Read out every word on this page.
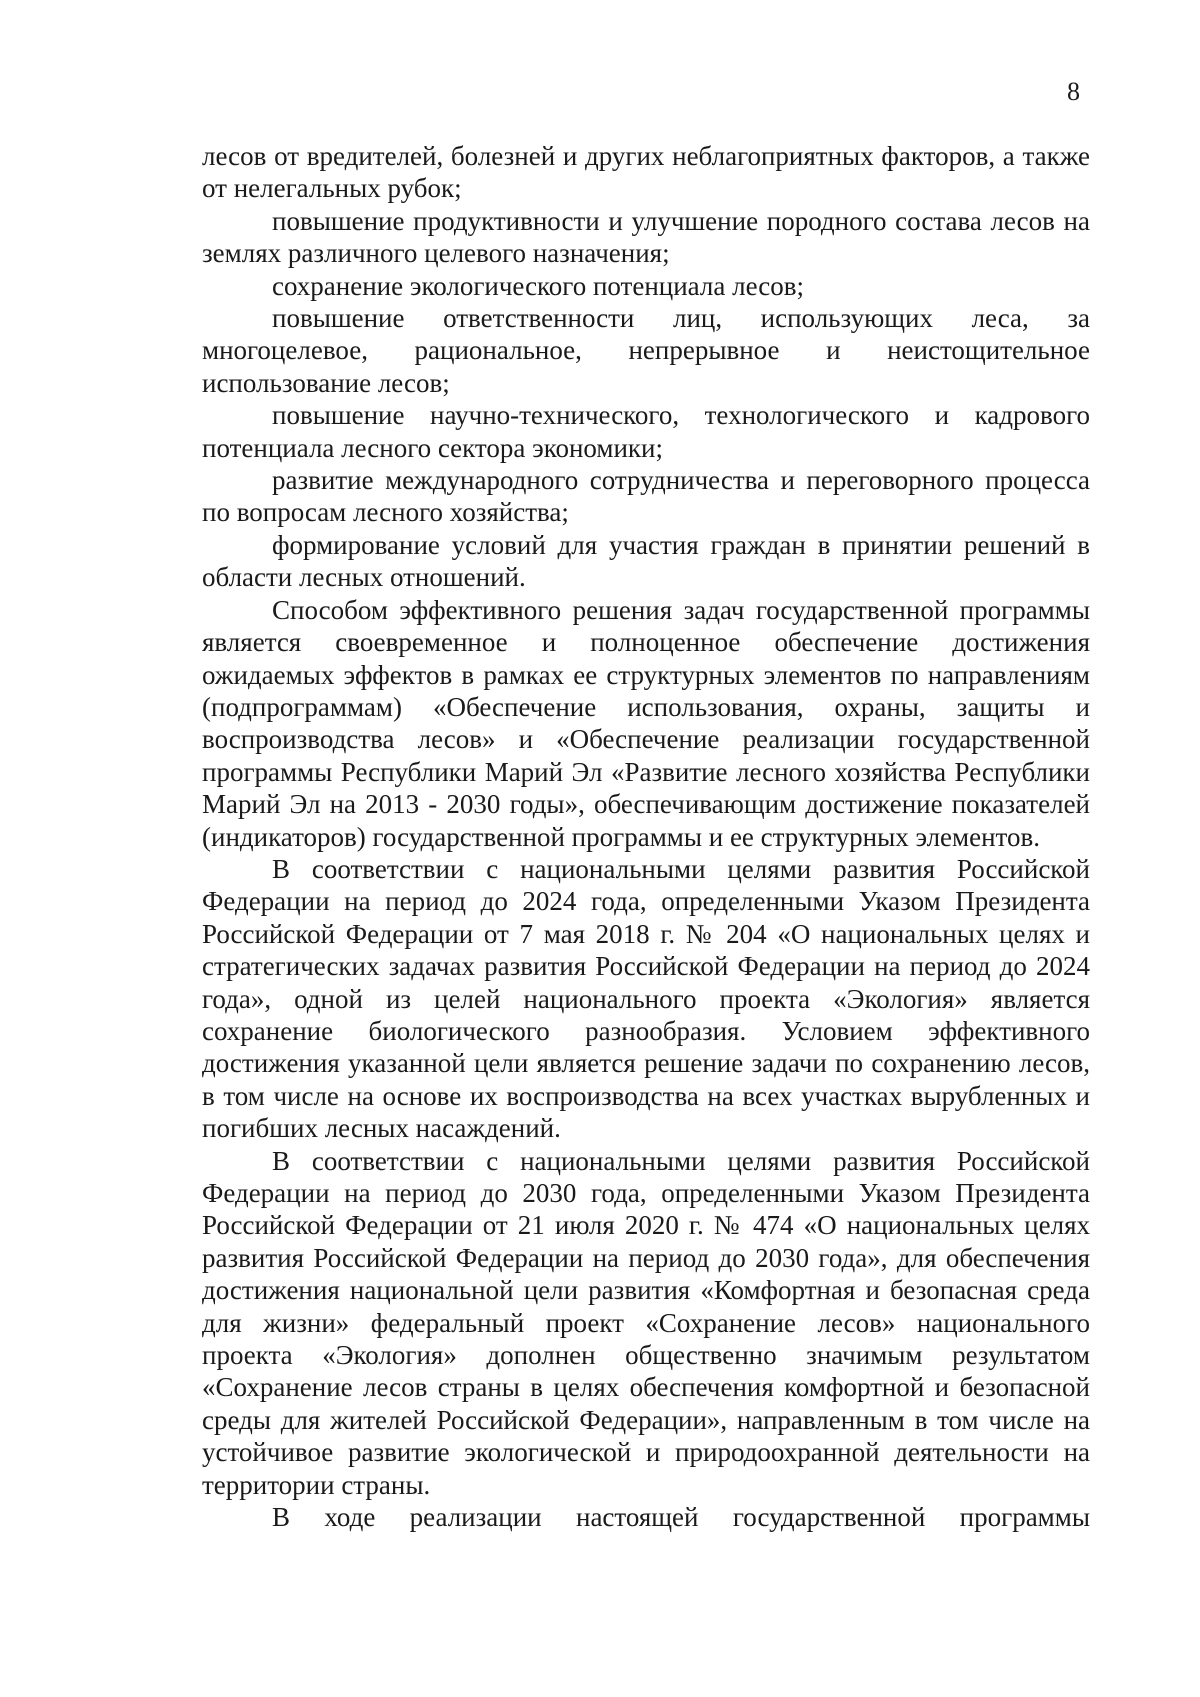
8

лесов от вредителей, болезней и других неблагоприятных факторов, а также от нелегальных рубок;

повышение продуктивности и улучшение породного состава лесов на землях различного целевого назначения;

сохранение экологического потенциала лесов;

повышение ответственности лиц, использующих леса, за многоцелевое, рациональное, непрерывное и неистощительное использование лесов;

повышение научно-технического, технологического и кадрового потенциала лесного сектора экономики;

развитие международного сотрудничества и переговорного процесса по вопросам лесного хозяйства;

формирование условий для участия граждан в принятии решений в области лесных отношений.

Способом эффективного решения задач государственной программы является своевременное и полноценное обеспечение достижения ожидаемых эффектов в рамках ее структурных элементов по направлениям (подпрограммам) «Обеспечение использования, охраны, защиты и воспроизводства лесов» и «Обеспечение реализации государственной программы Республики Марий Эл «Развитие лесного хозяйства Республики Марий Эл на 2013 - 2030 годы», обеспечивающим достижение показателей (индикаторов) государственной программы и ее структурных элементов.

В соответствии с национальными целями развития Российской Федерации на период до 2024 года, определенными Указом Президента Российской Федерации от 7 мая 2018 г. № 204 «О национальных целях и стратегических задачах развития Российской Федерации на период до 2024 года», одной из целей национального проекта «Экология» является сохранение биологического разнообразия. Условием эффективного достижения указанной цели является решение задачи по сохранению лесов, в том числе на основе их воспроизводства на всех участках вырубленных и погибших лесных насаждений.

В соответствии с национальными целями развития Российской Федерации на период до 2030 года, определенными Указом Президента Российской Федерации от 21 июля 2020 г. № 474 «О национальных целях развития Российской Федерации на период до 2030 года», для обеспечения достижения национальной цели развития «Комфортная и безопасная среда для жизни» федеральный проект «Сохранение лесов» национального проекта «Экология» дополнен общественно значимым результатом «Сохранение лесов страны в целях обеспечения комфортной и безопасной среды для жителей Российской Федерации», направленным в том числе на устойчивое развитие экологической и природоохранной деятельности на территории страны.

В ходе реализации настоящей государственной программы
